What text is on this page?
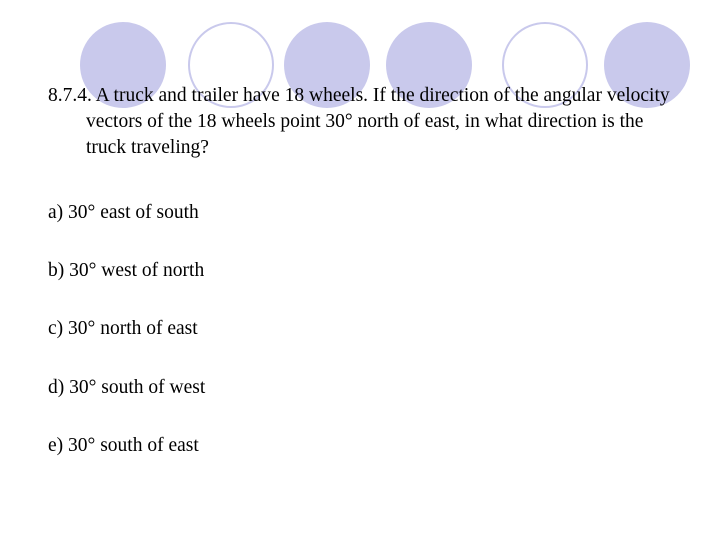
8.7.4. A truck and trailer have 18 wheels. If the direction of the angular velocity vectors of the 18 wheels point 30° north of east, in what direction is the truck traveling?
a) 30° east of south
b) 30° west of north
c) 30° north of east
d) 30° south of west
e) 30° south of east
